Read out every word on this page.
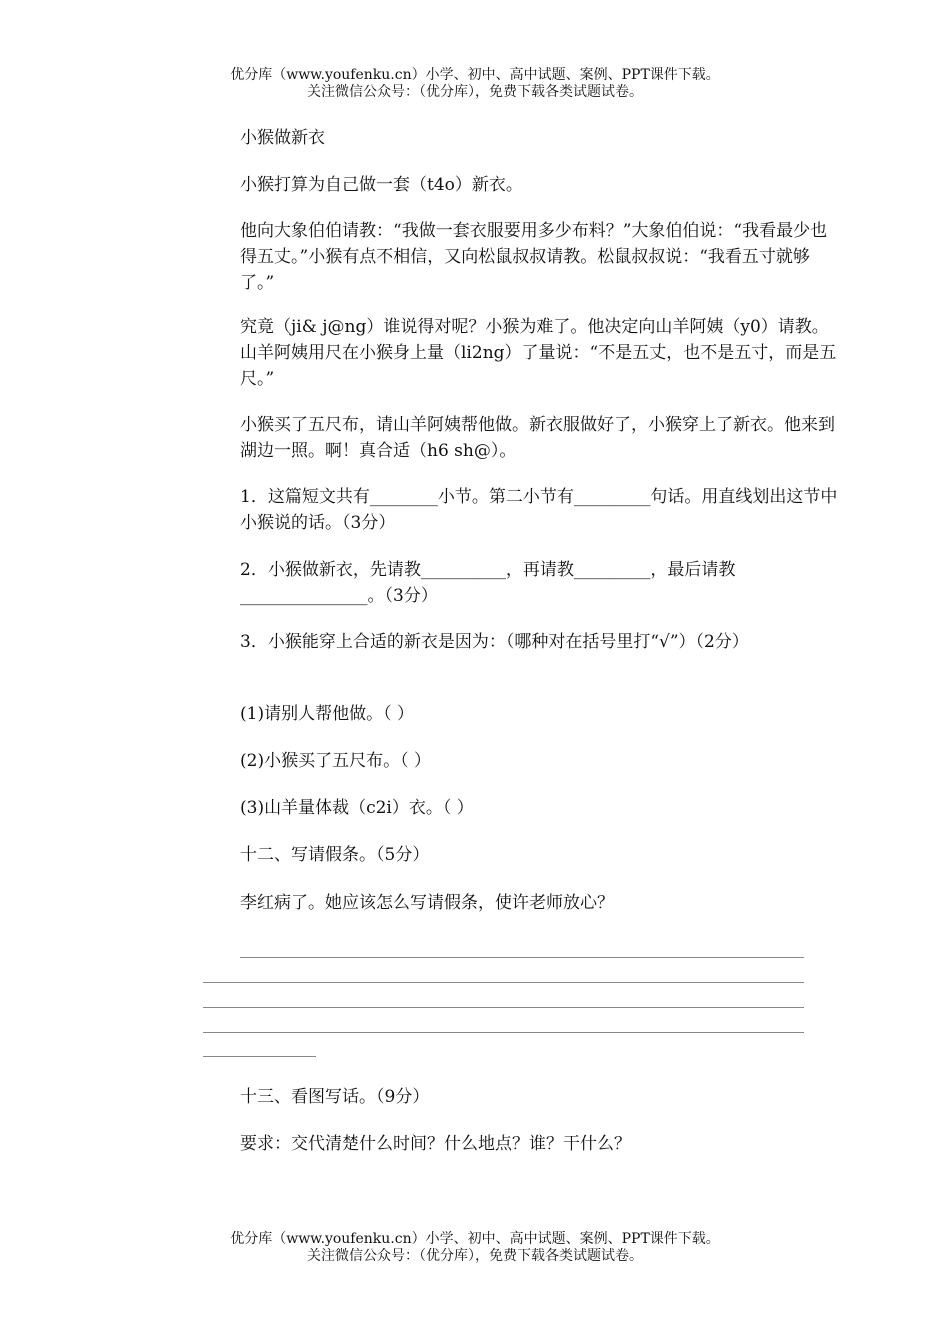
优分库（www.youfenku.cn）小学、初中、高中试题、案例、PPT课件下载。
关注微信公众号：（优分库），免费下载各类试题试卷。
小猴做新衣
小猴打算为自己做一套（t4o）新衣。
他向大象伯伯请教：“我做一套衣服要用多少布料？”大象伯伯说：“我看最少也得五丈。”小猴有点不相信，又向松鼠叔叔请教。松鼠叔叔说：“我看五寸就够了。”
究竟（ji& j@ng）谁说得对呢？小猴为难了。他决定向山羊阿姨（y0）请教。山羊阿姨用尺在小猴身上量（li2ng）了量说：“不是五丈，也不是五寸，而是五尺。”
小猴买了五尺布，请山羊阿姨帮他做。新衣服做好了，小猴穿上了新衣。他来到湖边一照。啊！真合适（h6 sh@）。
1．这篇短文共有________小节。第二小节有_________句话。用直线划出这节中小猴说的话。（3分）
2．小猴做新衣，先请教__________，再请教_________，最后请教_______________。（3分）
3．小猴能穿上合适的新衣是因为：（哪种对在括号里打“√”）（2分）
(1)请别人帮他做。（ ）
(2)小猴买了五尺布。（ ）
(3)山羊量体裁（c2i）衣。（ ）
十二、写请假条。（5分）
李红病了。她应该怎么写请假条，使许老师放心？
十三、看图写话。（9分）
要求：交代清楚什么时间？什么地点？谁？干什么？
优分库（www.youfenku.cn）小学、初中、高中试题、案例、PPT课件下载。
关注微信公众号：（优分库），免费下载各类试题试卷。
